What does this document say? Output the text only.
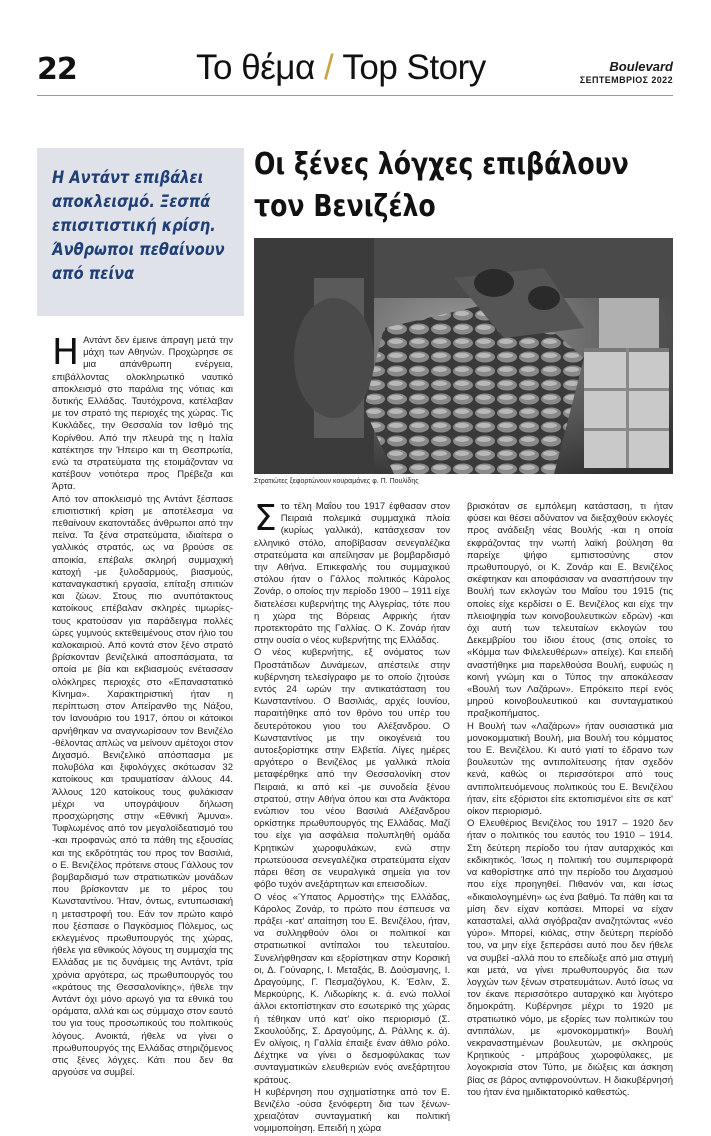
22	Το θέμα / Top Story	Boulevard
ΣΕΠΤΕΜΒΡΙΟΣ 2022
Η Αντάντ επιβάλει αποκλεισμό. Ξεσπά επισιτιστική κρίση. Άνθρωποι πεθαίνουν από πείνα
Οι ξένες λόγχες επιβάλουν τον Βενιζέλο
Στρατιώτες ξεφορτώνουν κουραμάνες φ. Π. Πουλίδης
Η Αντάντ δεν έμεινε άπραγη μετά την μάχη των Αθηνών. Προχώρησε σε μια απάνθρωπη ενέργεια, επιβάλλοντας ολοκληρωτικό ναυτικό αποκλεισμό στο παράλια της νότιας και δυτικής Ελλάδας. Ταυτόχρονα, κατέλαβαν με τον στρατό της περιοχές της χώρας. Τις Κυκλάδες, την Θεσσαλία τον Ισθμό της Κορίνθου. Από την πλευρά της η Ιταλία κατέκτησε την Ήπειρο και τη Θεσπρωτία, ενώ τα στρατεύματα της ετοιμάζονταν να κατέβουν νοτιότερα προς Πρέβεζα και Άρτα.

Από τον αποκλεισμό της Αντάντ ξέσπασε επισιτιστική κρίση με αποτέλεσμα να πεθαίνουν εκατοντάδες άνθρωποι από την πείνα. Τα ξένα στρατεύματα, ιδιαίτερα ο γαλλικός στρατός, ως να βρούσε σε αποικία, επέβαλε σκληρή συμμαχική κατοχή -με ξυλοδαρμούς, βιασμούς, καταναγκαστική εργασία, επίταξη σπιτιών και ζώων. Στους πιο ανυπότακτους κατοίκους επέβαλαν σκληρές τιμωρίες- τους κρατούσαν για παράδειγμα πολλές ώρες γυμνούς εκτεθειμένους στον ήλιο του καλοκαιριού. Από κοντά στον ξένο στρατό βρίσκονταν βενιζελικά αποσπάσματα, τα οποία με βία και εκβιασμούς ενέτασσαν ολόκληρες περιοχές στο «Επαναστατικό Κίνημα». Χαρακτηριστική ήταν η περίπτωση στον Απείρανθο της Νάξου, τον Ιανουάριο του 1917, όπου οι κάτοικοι αρνήθηκαν να αναγνωρίσουν τον Βενιζέλο -θέλοντας απλώς να μείνουν αμέτοχοι στον Διχασμό. Βενιζελικό απόσπασμα με πολυβόλα και ξιφολόγχες σκότωσαν 32 κατοίκους και τραυματίσαν άλλους 44. Άλλους 120 κατοίκους τους φυλάκισαν μέχρι να υπογράψουν δήλωση προσχώρησης στην «Εθνική Άμυνα». Τυφλωμένος από τον μεγαλοϊδεατισμό του -και προφανώς από τα πάθη της εξουσίας και της εκδρότητάς του προς τον Βασιλιά, ο Ε. Βενιζέλος πρότεινε στους Γάλλους τον βομβαρδισμό των στρατιωτικών μονάδων που βρίσκονταν με το μέρος του Κωνσταντίνου. Ήταν, όντως, εντυπωσιακή η μεταστροφή του. Εάν τον πρώτο καιρό που ξέσπασε ο Παγκόσμιος Πόλεμος, ως εκλεγμένος πρωθυπουργός της χώρας, ήθελε για εθνικούς λόγους τη συμμαχία της Ελλάδας με τις δυνάμεις της Αντάντ, τρία χρόνια αργότερα, ως πρωθυπουργός του «κράτους της Θεσσαλονίκης», ήθελε την Αντάντ όχι μόνο αρωγό για τα εθνικά του οράματα, αλλά και ως σύμμαχο στον εαυτό του για τους προσωπικούς του πολιτικούς λόγους. Ανοικτά, ήθελε να γίνει ο πρωθυπουργός της Ελλάδας στηριζόμενος στις ξένες λόγχες. Κάτι που δεν θα αργούσε να συμβεί.

Σ το τέλη Μαΐου του 1917 έφθασαν στον Πειραιά πολεμικά συμμαχικά πλοία (κυρίως γαλλικά), κατάσχεσαν τον ελληνικό στόλο, αποβίβασαν σενεγαλέζικα στρατεύματα και απείλησαν με βομβαρδισμό την Αθήνα. Επικεφαλής του συμμαχικού στόλου ήταν ο Γάλλος πολιτικός Κάρολος Ζονάρ, ο οποίος την περίοδο 1900 – 1911 είχε διατελέσει κυβερνήτης της Αλγερίας, τότε που η χώρα της Βόρειας Αφρικής ήταν προτεκτοράτο της Γαλλίας. Ο Κ. Ζονάρ ήταν στην ουσία ο νέος κυβερνήτης της Ελλάδας.

Ο νέος κυβερνήτης, εξ ονόματος των Προστάτιδων Δυνάμεων, απέστειλε στην κυβέρνηση τελεσίγραφο με το οποίο ζητούσε εντός 24 ωρών την αντικατάσταση του Κωνσταντίνου. Ο Βασιλιάς, αρχές Ιουνίου, παραιτήθηκε από τον θρόνο του υπέρ του δευτερότοκου γιου του Αλέξανδρου. Ο Κωνσταντίνος με την οικογένειά του αυτοεξορίστηκε στην Ελβετία. Λίγες ημέρες αργότερο ο Βενιζέλος με γαλλικά πλοία μεταφέρθηκε από την Θεσσαλονίκη στον Πειραιά, κι από κεί -με συνοδεία ξένου στρατού, στην Αθήνα όπου και στα Ανάκτορα ενώπιον του νέου Βασιλιά Αλέξανδρου ορκίστηκε πρωθυπουργός της Ελλάδας. Μαζί του είχε για ασφάλεια πολυπληθή ομάδα Κρητικών χωροφυλάκων, ενώ στην πρωτεύουσα σενεγαλέζικα στρατεύματα είχαν πάρει θέση σε νευραλγικά σημεία για τον φόβο τυχόν ανεξάρτητων και επεισοδίων.

Ο νέος «Ύπατος Αρμοστής» της Ελλάδας, Κάρολος Ζονάρ, το πρώτο που έσπευσε να πράξει -κατ' απαίτηση του Ε. Βενιζέλου, ήταν, να συλληφθούν όλοι οι πολιτικοί και στρατιωτικοί αντίπαλοι του τελευταίου. Συνελήφθησαν και εξορίστηκαν στην Κορσική οι, Δ. Γούναρης, Ι. Μεταξάς, Β. Δούσμανης, Ι. Δραγούμης, Γ. Πεσμαζόγλου, Κ. Έσλιν, Σ. Μερκούρης, Κ. Λιδωρίκης κ. ά. ενώ πολλοί άλλοι εκτοπίστηκαν στο εσωτερικό της χώρας ή τέθηκαν υπό κατ' οίκο περιορισμό (Σ. Σκουλούδης, Σ. Δραγούμης, Δ. Ράλλης κ. ά). Εν ολίγοις, η Γαλλία έπαιξε έναν άθλιο ρόλο. Δέχτηκε να γίνει ο δεσμοφύλακας των συνταγματικών ελευθεριών ενός ανεξάρτητου κράτους.

Η κυβέρνηση που σχηματίστηκε από τον Ε. Βενιζέλο -ούσα ξενόφερτη δια των ξένων- χρειαζόταν συνταγματική και πολιτική νομιμοποίηση. Επειδή η χώρα

βρισκόταν σε εμπόλεμη κατάσταση, τι ήταν φύσει και θέσει αδύνατον να διεξαχθούν εκλογές προς ανάδειξη νέας Βουλής -και η οποία εκφράζοντας την νωπή λαϊκή βούληση θα παρείχε ψήφο εμπιστοσύνης στον πρωθυπουργό, οι Κ. Ζονάρ και Ε. Βενιζέλος σκέφτηκαν και αποφάσισαν να ανασπήσουν την Βουλή των εκλογών του Μαΐου του 1915 (τις οποίες είχε κερδίσει ο Ε. Βενιζέλος και είχε την πλειοψηφία των κοινοβουλευτικών εδρών) -και όχι αυτή των τελευταίων εκλογών του Δεκεμβρίου του ίδιου έτους (στις οποίες το «Κόμμα των Φιλελευθέρων» απείχε). Και επειδή αναστήθηκε μια παρελθούσα Βουλή, ευφυώς η κοινή γνώμη και ο Τύπος την αποκάλεσαν «Βουλή των Λαζάρων». Επρόκειτο περί ενός μηρού κοινοβουλευτικού και συνταγματικού πραξικοπήματος.

Η Βουλή των «Λαζάρων» ήταν ουσιαστικά μια μονοκομματική Βουλή, μια Βουλή του κόμματος του Ε. Βενιζέλου. Κι αυτό γιατί το έδρανο των βουλευτών της αντιπολίτευσης ήταν σχεδόν κενά, καθώς οι περισσότεροι από τους αντιπολιτευόμενους πολιτικούς του Ε. Βενιζέλου ήταν, είτε εξόριστοι είτε εκτοπισμένοι είτε σε κατ' οίκον περιορισμό.

Ο Ελευθέριος Βενιζέλος του 1917 – 1920 δεν ήταν ο πολιτικός του εαυτός του 1910 – 1914. Στη δεύτερη περίοδο του ήταν αυταρχικός και εκδικητικός. Ίσως η πολιτική του συμπεριφορά να καθορίστηκε από την περίοδο του Διχασμού που είχε προηγηθεί. Πιθανόν ναι, και ίσως «δικαιολογημένη» ως ένα βαθμό. Τα πάθη και τα μίση δεν είχαν κοπάσει. Μπορεί να είχαν κατασταλεί, αλλά σιγόβραζαν αναζητώντας «νέο γύρο». Μπορεί, κιόλας, στην δεύτερη περίοδό του, να μην είχε ξεπεράσει αυτό που δεν ήθελε να συμβεί -αλλά που το επεδίωξε από μια στιγμή και μετά, να γίνει πρωθυπουργός δια των λογχών των ξένων στρατευμάτων. Αυτό ίσως να τον έκανε περισσότερο αυταρχικό και λιγότερο δημοκράτη. Κυβέρνησε μέχρι το 1920 με στρατιωτικό νόμο, με εξορίες των πολιτικών του αντιπάλων, με «μονοκομματική» Βουλή νεκραναστημένων βουλευτών, με σκληρούς Κρητικούς - μπράβους χωροφύλακες, με λογοκρισία στον Τύπο, με διώξεις και άσκηση βίας σε βάρος αντιφρονούντων. Η διακυβέρνησή του ήταν ένα ημιδικτατορικό καθεστώς.
